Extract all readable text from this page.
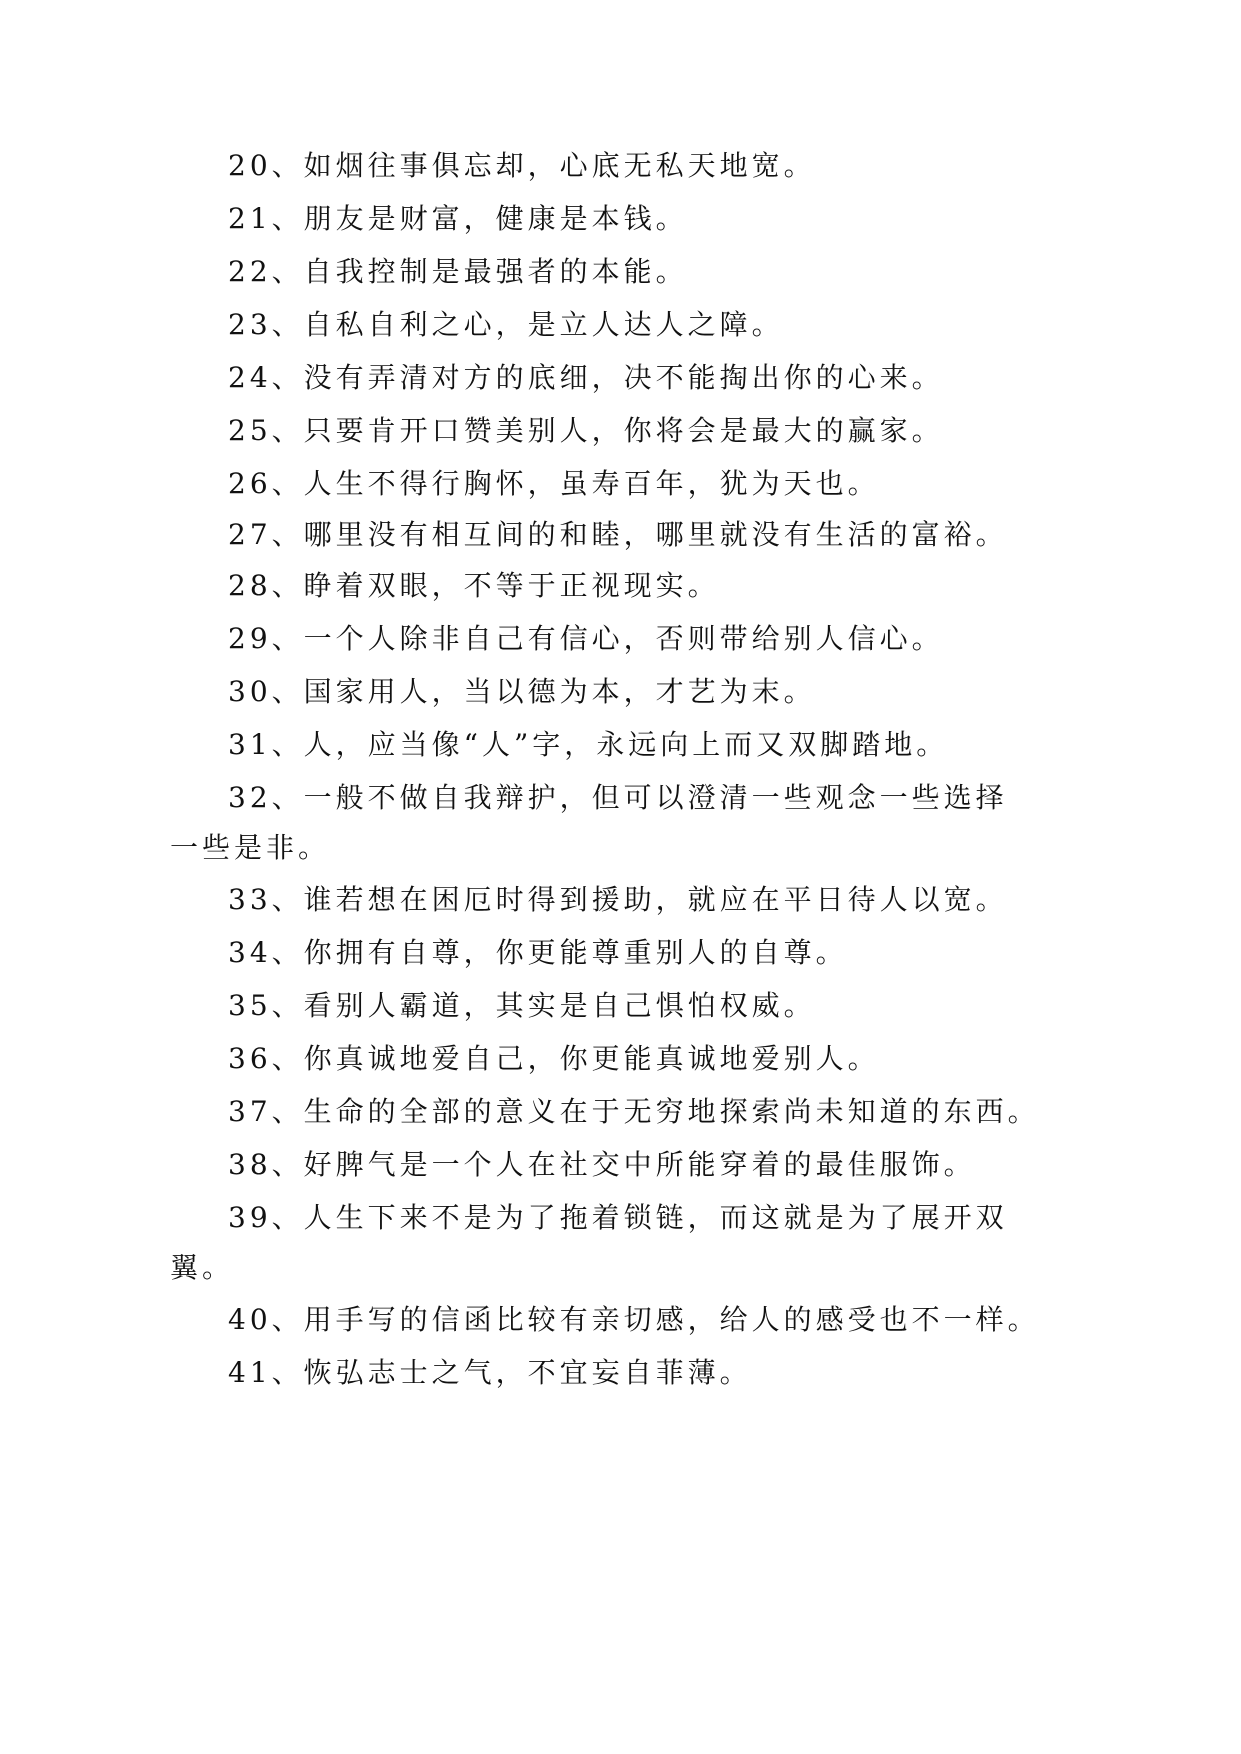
20、如烟往事俱忘却，心底无私天地宽。
21、朋友是财富，健康是本钱。
22、自我控制是最强者的本能。
23、自私自利之心，是立人达人之障。
24、没有弄清对方的底细，决不能掏出你的心来。
25、只要肯开口赞美别人，你将会是最大的赢家。
26、人生不得行胸怀，虽寿百年，犹为天也。
27、哪里没有相互间的和睦，哪里就没有生活的富裕。
28、睁着双眼，不等于正视现实。
29、一个人除非自己有信心，否则带给别人信心。
30、国家用人，当以德为本，才艺为末。
31、人，应当像“人”字，永远向上而又双脚踏地。
32、一般不做自我辩护，但可以澄清一些观念一些选择
一些是非。
33、谁若想在困厄时得到援助，就应在平日待人以宽。
34、你拥有自尊，你更能尊重别人的自尊。
35、看别人霸道，其实是自己惧怕权威。
36、你真诚地爱自己，你更能真诚地爱别人。
37、生命的全部的意义在于无穷地探索尚未知道的东西。
38、好脾气是一个人在社交中所能穿着的最佳服饰。
39、人生下来不是为了拖着锁链，而这就是为了展开双
翼。
40、用手写的信函比较有亲切感，给人的感受也不一样。
41、恢弘志士之气，不宜妄自菲薄。
